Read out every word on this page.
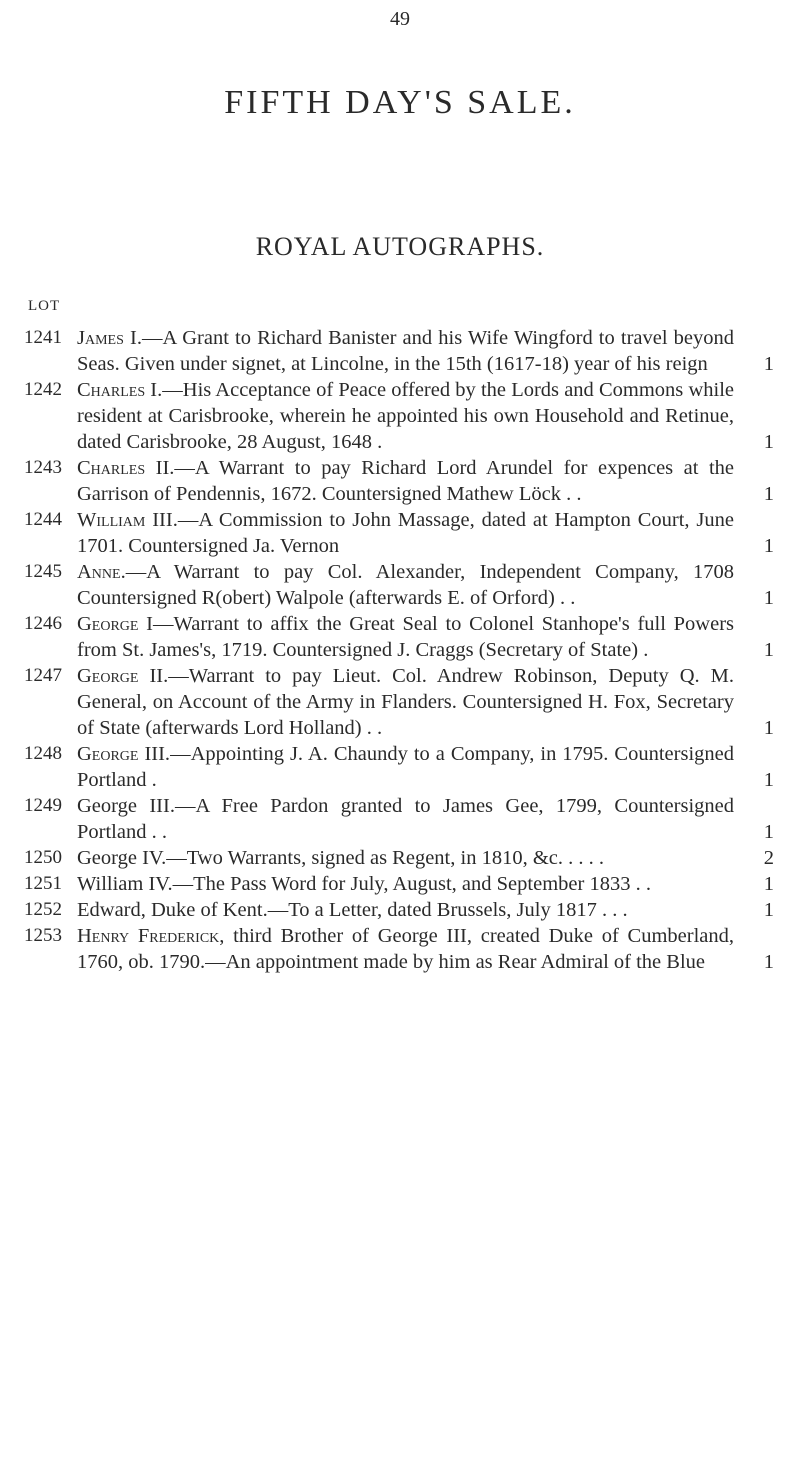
49
FIFTH DAY'S SALE.
ROYAL AUTOGRAPHS.
LOT
1241 James I.—A Grant to Richard Banister and his Wife Wingford to travel beyond Seas. Given under signet, at Lincolne, in the 15th (1617-18) year of his reign	1
1242 Charles I.—His Acceptance of Peace offered by the Lords and Commons while resident at Carisbrooke, wherein he appointed his own Household and Retinue, dated Carisbrooke, 28 August, 1648 .	1
1243 Charles II.—A Warrant to pay Richard Lord Arundel for expences at the Garrison of Pendennis, 1672. Countersigned Mathew Löck . .	1
1244 William III.—A Commission to John Massage, dated at Hampton Court, June 1701. Countersigned Ja. Vernon	1
1245 Anne.—A Warrant to pay Col. Alexander, Independent Company, 1708 Countersigned R(obert) Walpole (afterwards E. of Orford) . .	1
1246 George I—Warrant to affix the Great Seal to Colonel Stanhope's full Powers from St. James's, 1719. Countersigned J. Craggs (Secretary of State) .	1
1247 George II.—Warrant to pay Lieut. Col. Andrew Robinson, Deputy Q. M. General, on Account of the Army in Flanders. Countersigned H. Fox, Secretary of State (afterwards Lord Holland) . .	1
1248 George III.—Appointing J. A. Chaundy to a Company, in 1795. Countersigned Portland .	1
1249 George III.—A Free Pardon granted to James Gee, 1799, Countersigned Portland . .	1
1250 George IV.—Two Warrants, signed as Regent, in 1810, &c. . . . .	2
1251 William IV.—The Pass Word for July, August, and September 1833 . .	1
1252 Edward, Duke of Kent.—To a Letter, dated Brussels, July 1817 . . .	1
1253 Henry Frederick, third Brother of George III, created Duke of Cumberland, 1760, ob. 1790.—An appointment made by him as Rear Admiral of the Blue	1
